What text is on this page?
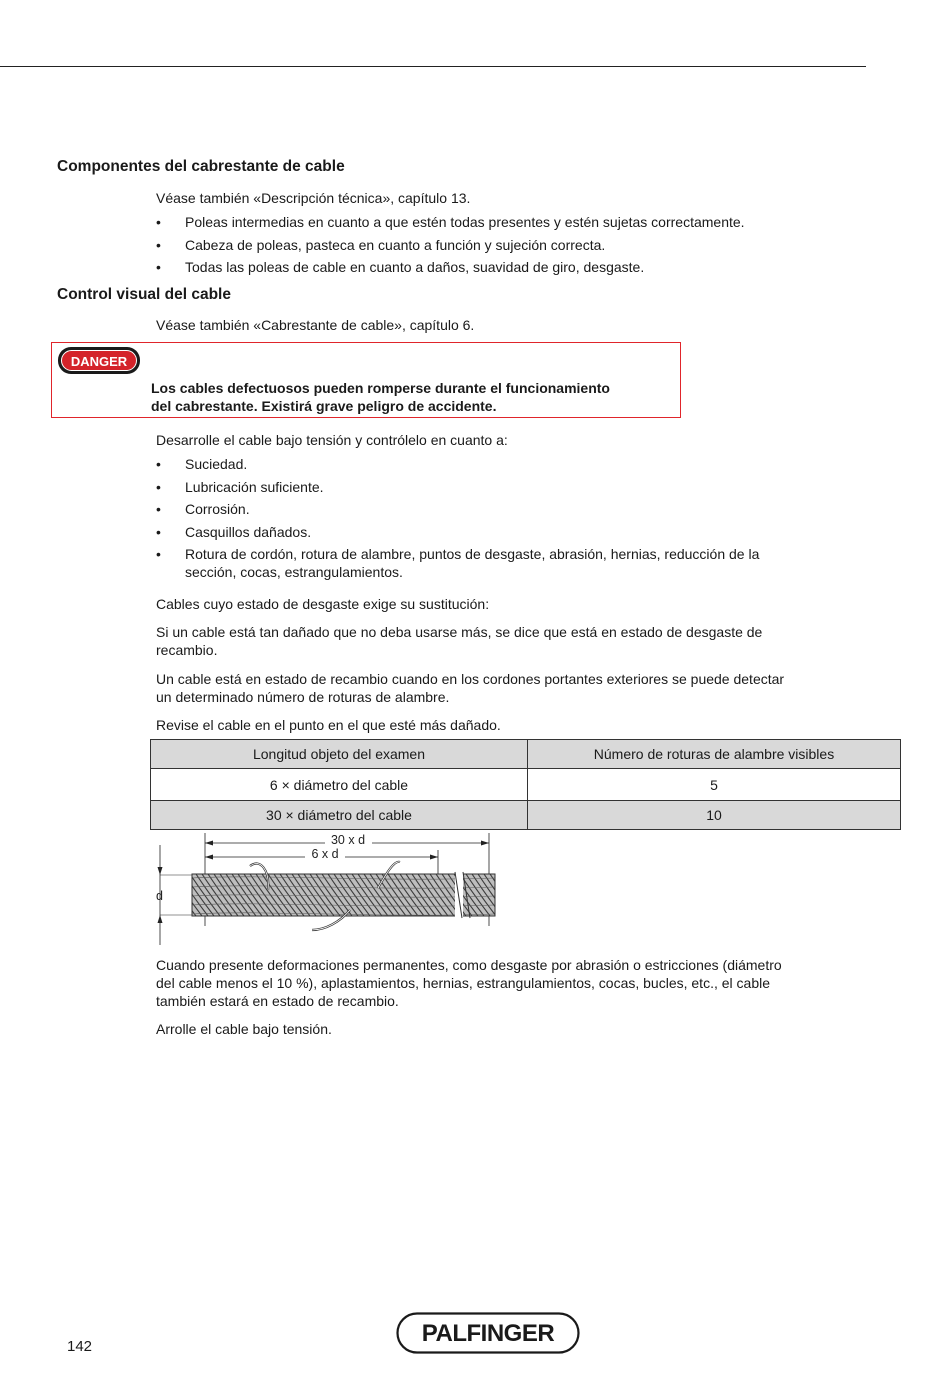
Componentes del cabrestante de cable
Véase también «Descripción técnica», capítulo 13.
• Poleas intermedias en cuanto a que estén todas presentes y estén sujetas correctamente.
• Cabeza de poleas, pasteca en cuanto a función y sujeción correcta.
• Todas las poleas de cable en cuanto a daños, suavidad de giro, desgaste.
Control visual del cable
Véase también «Cabrestante de cable», capítulo 6.
DANGER
Los cables defectuosos pueden romperse durante el funcionamiento
del cabrestante. Existirá grave peligro de accidente.
Desarrolle el cable bajo tensión y contrólelo en cuanto a:
• Suciedad.
• Lubricación suficiente.
• Corrosión.
• Casquillos dañados.
• Rotura de cordón, rotura de alambre, puntos de desgaste, abrasión, hernias, reducción de la
sección, cocas, estrangulamientos.
Cables cuyo estado de desgaste exige su sustitución:
Si un cable está tan dañado que no deba usarse más, se dice que está en estado de desgaste de
recambio.
Un cable está en estado de recambio cuando en los cordones portantes exteriores se puede detectar
un determinado número de roturas de alambre.
Revise el cable en el punto en el que esté más dañado.
Longitud objeto del examen	Número de roturas de alambre visibles
6 × diámetro del cable	5
30 × diámetro del cable	10
30 x d
6 x d
d
Cuando presente deformaciones permanentes, como desgaste por abrasión o estricciones (diámetro
del cable menos el 10 %), aplastamientos, hernias, estrangulamientos, cocas, bucles, etc., el cable
también estará en estado de recambio.
Arrolle el cable bajo tensión.
142	PALFINGER
